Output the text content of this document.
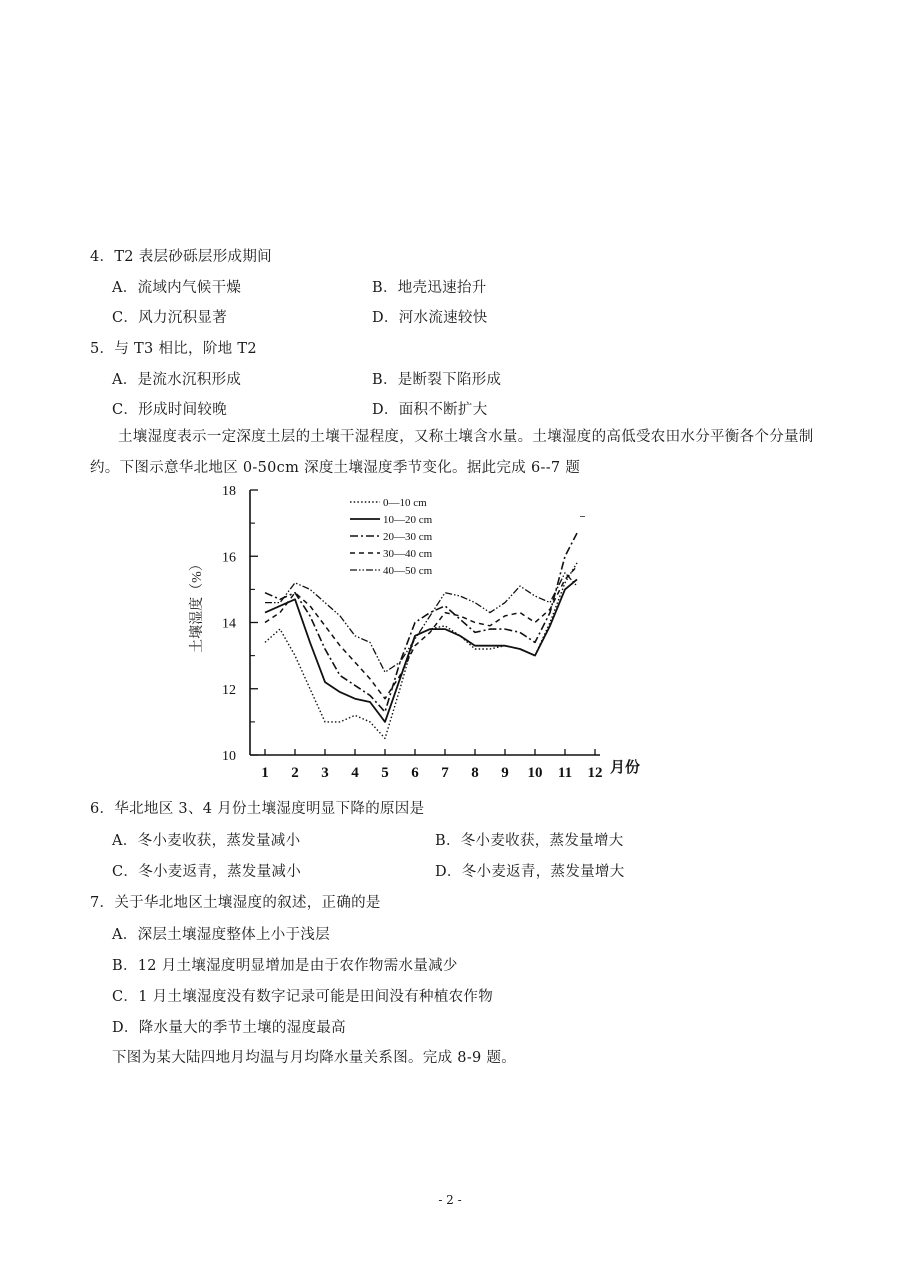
4．T2 表层砂砾层形成期间
A．流域内气候干燥	B．地壳迅速抬升
C．风力沉积显著	D．河水流速较快
5．与 T3 相比，阶地 T2
A．是流水沉积形成	B．是断裂下陷形成
C．形成时间较晚	D．面积不断扩大
土壤湿度表示一定深度土层的土壤干湿程度，又称土壤含水量。土壤湿度的高低受农田水分平衡各个分量制约。下图示意华北地区 0-50cm 深度土壤湿度季节变化。据此完成 6--7 题
10
12
14
16
18
1 2 3 4 5 6 7 8 9 10 11 12
0—10 cm
10—20 cm
20—30 cm
30—40 cm
40—50 cm
土壤湿度（%）
月份
6．华北地区 3、4 月份土壤湿度明显下降的原因是
A．冬小麦收获，蒸发量减小	B．冬小麦收获，蒸发量增大
C．冬小麦返青，蒸发量减小	D．冬小麦返青，蒸发量增大
7．关于华北地区土壤湿度的叙述，正确的是
A．深层土壤湿度整体上小于浅层
B．12 月土壤湿度明显增加是由于农作物需水量减少
C．1 月土壤湿度没有数字记录可能是田间没有种植农作物
D．降水量大的季节土壤的湿度最高
下图为某大陆四地月均温与月均降水量关系图。完成 8-9 题。
- 2 -
